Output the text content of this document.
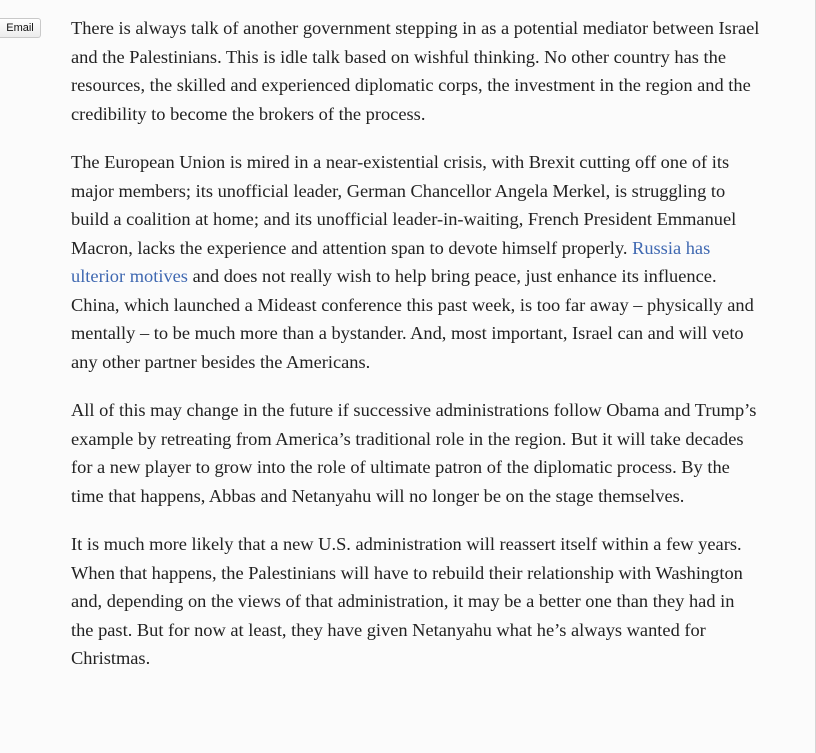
Email	There is always talk of another government stepping in as a potential mediator between Israel and the Palestinians. This is idle talk based on wishful thinking. No other country has the resources, the skilled and experienced diplomatic corps, the investment in the region and the credibility to become the brokers of the process.

The European Union is mired in a near-existential crisis, with Brexit cutting off one of its major members; its unofficial leader, German Chancellor Angela Merkel, is struggling to build a coalition at home; and its unofficial leader-in-waiting, French President Emmanuel Macron, lacks the experience and attention span to devote himself properly. Russia has ulterior motives and does not really wish to help bring peace, just enhance its influence. China, which launched a Mideast conference this past week, is too far away – physically and mentally – to be much more than a bystander. And, most important, Israel can and will veto any other partner besides the Americans.

All of this may change in the future if successive administrations follow Obama and Trump’s example by retreating from America’s traditional role in the region. But it will take decades for a new player to grow into the role of ultimate patron of the diplomatic process. By the time that happens, Abbas and Netanyahu will no longer be on the stage themselves.

It is much more likely that a new U.S. administration will reassert itself within a few years. When that happens, the Palestinians will have to rebuild their relationship with Washington and, depending on the views of that administration, it may be a better one than they had in the past. But for now at least, they have given Netanyahu what he’s always wanted for Christmas.
